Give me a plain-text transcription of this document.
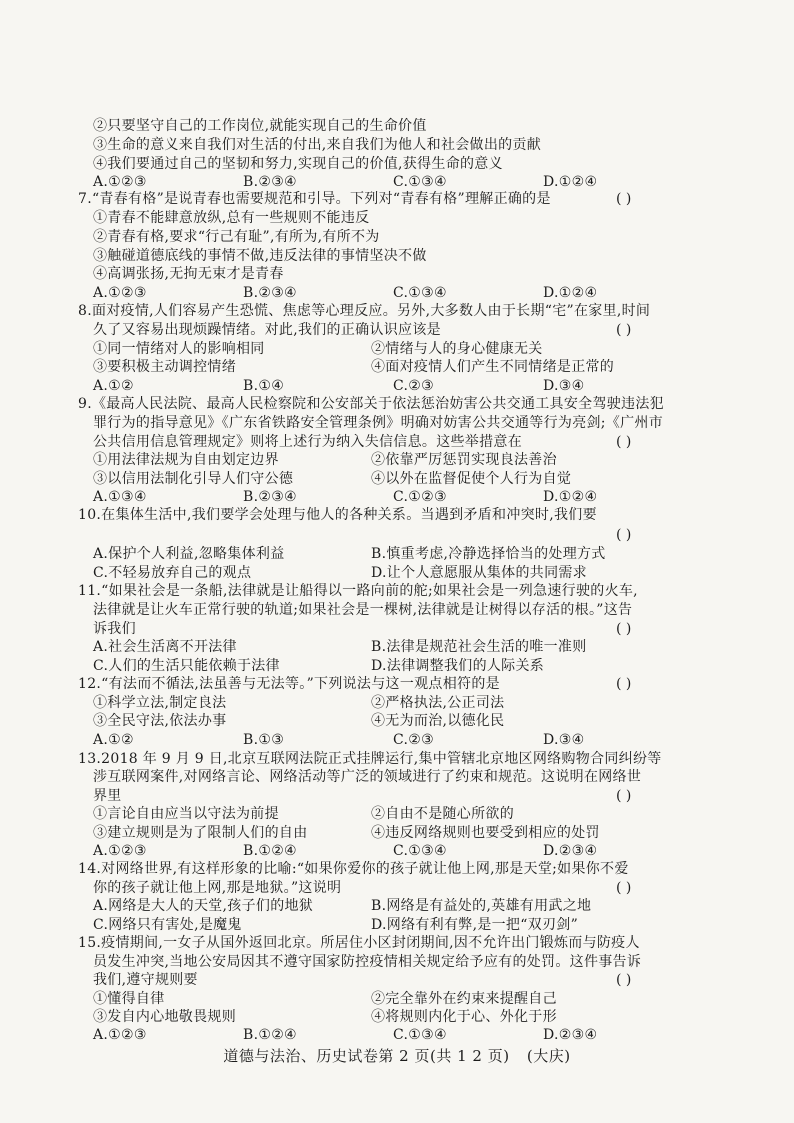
②只要坚守自己的工作岗位,就能实现自己的生命价值
③生命的意义来自我们对生活的付出,来自我们为他人和社会做出的贡献
④我们要通过自己的坚韧和努力,实现自己的价值,获得生命的意义
A.①②③	B.②③④	C.①③④	D.①②④
7.“青春有格”是说青春也需要规范和引导。下列对“青春有格”理解正确的是	( )
①青春不能肆意放纵,总有一些规则不能违反
②青春有格,要求“行己有耻”,有所为,有所不为
③触碰道德底线的事情不做,违反法律的事情坚决不做
④高调张扬,无拘无束才是青春
A.①②③	B.②③④	C.①③④	D.①②④
8.面对疫情,人们容易产生恐慌、焦虑等心理反应。另外,大多数人由于长期“宅”在家里,时间
久了又容易出现烦躁情绪。对此,我们的正确认识应该是	( )
①同一情绪对人的影响相同	②情绪与人的身心健康无关
③要积极主动调控情绪	④面对疫情人们产生不同情绪是正常的
A.①②	B.①④	C.②③	D.③④
9.《最高人民法院、最高人民检察院和公安部关于依法惩治妨害公共交通工具安全驾驶违法犯
罪行为的指导意见》《广东省铁路安全管理条例》明确对妨害公共交通等行为亮剑;《广州市
公共信用信息管理规定》则将上述行为纳入失信信息。这些举措意在	( )
①用法律法规为自由划定边界	②依靠严厉惩罚实现良法善治
③以信用法制化引导人们守公德	④以外在监督促使个人行为自觉
A.①③④	B.②③④	C.①②③	D.①②④
10.在集体生活中,我们要学会处理与他人的各种关系。当遇到矛盾和冲突时,我们要
( )
A.保护个人利益,忽略集体利益	B.慎重考虑,冷静选择恰当的处理方式
C.不轻易放弃自己的观点	D.让个人意愿服从集体的共同需求
11.“如果社会是一条船,法律就是让船得以一路向前的舵;如果社会是一列急速行驶的火车,
法律就是让火车正常行驶的轨道;如果社会是一棵树,法律就是让树得以存活的根。”这告
诉我们	( )
A.社会生活离不开法律	B.法律是规范社会生活的唯一准则
C.人们的生活只能依赖于法律	D.法律调整我们的人际关系
12.“有法而不循法,法虽善与无法等。”下列说法与这一观点相符的是	( )
①科学立法,制定良法	②严格执法,公正司法
③全民守法,依法办事	④无为而治,以德化民
A.①②	B.①③	C.②③	D.③④
13.2018 年 9 月 9 日,北京互联网法院正式挂牌运行,集中管辖北京地区网络购物合同纠纷等
涉互联网案件,对网络言论、网络活动等广泛的领域进行了约束和规范。这说明在网络世
界里	( )
①言论自由应当以守法为前提	②自由不是随心所欲的
③建立规则是为了限制人们的自由	④违反网络规则也要受到相应的处罚
A.①②③	B.①②④	C.①③④	D.②③④
14.对网络世界,有这样形象的比喻:“如果你爱你的孩子就让他上网,那是天堂;如果你不爱
你的孩子就让他上网,那是地狱。”这说明	( )
A.网络是大人的天堂,孩子们的地狱	B.网络是有益处的,英雄有用武之地
C.网络只有害处,是魔鬼	D.网络有利有弊,是一把“双刃剑”
15.疫情期间,一女子从国外返回北京。所居住小区封闭期间,因不允许出门锻炼而与防疫人
员发生冲突,当地公安局因其不遵守国家防控疫情相关规定给予应有的处罚。这件事告诉
我们,遵守规则要	( )
①懂得自律	②完全靠外在约束来提醒自己
③发自内心地敬畏规则	④将规则内化于心、外化于形
A.①②③	B.①②④	C.①③④	D.②③④
道德与法治、历史试卷第 2 页(共 1 2 页) (大庆)
